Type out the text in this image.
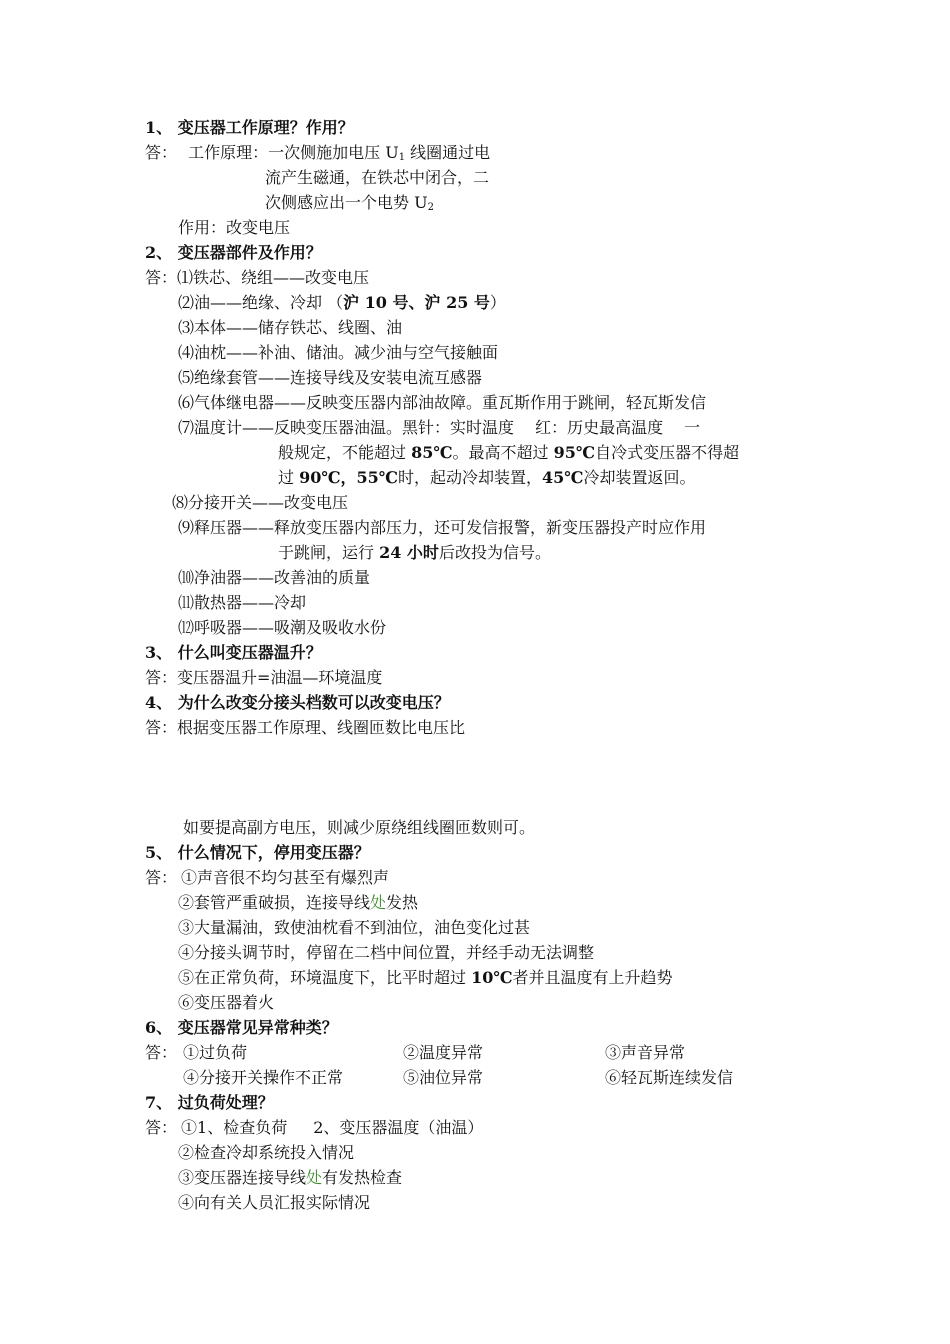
1、 变压器工作原理？作用？
答： 工作原理：一次侧施加电压 $U_1$ 线圈通过电
流产生磁通，在铁芯中闭合，二
次侧感应出一个电势 $U_2$
作用：改变电压
2、 变压器部件及作用？
答：⑴铁芯、绕组——改变电压
⑵油——绝缘、冷却 （沪 10 号、沪 25 号）
⑶本体——储存铁芯、线圈、油
⑷油枕——补油、储油。减少油与空气接触面
⑸绝缘套管——连接导线及安装电流互感器
⑹气体继电器——反映变压器内部油故障。重瓦斯作用于跳闸，轻瓦斯发信
⑺温度计——反映变压器油温。黑针：实时温度 　红：历史最高温度 　一
般规定，不能超过 85℃。最高不超过 95℃自冷式变压器不得超
过 90℃，55℃时，起动冷却装置，45℃冷却装置返回。
⑻分接开关——改变电压
⑼释压器——释放变压器内部压力，还可发信报警，新变压器投产时应作用
于跳闸，运行 24 小时后改投为信号。
⑽净油器——改善油的质量
⑾散热器——冷却
⑿呼吸器——吸潮及吸收水份
3、 什么叫变压器温升？
答：变压器温升=油温—环境温度
4、 为什么改变分接头档数可以改变电压？
答：根据变压器工作原理、线圈匝数比电压比
如要提高副方电压，则减少原绕组线圈匝数则可。
5、 什么情况下，停用变压器？
答： ①声音很不均匀甚至有爆烈声
②套管严重破损，连接导线处发热
③大量漏油，致使油枕看不到油位，油色变化过甚
④分接头调节时，停留在二档中间位置，并经手动无法调整
⑤在正常负荷，环境温度下，比平时超过 10℃者并且温度有上升趋势
⑥变压器着火
6、 变压器常见异常种类？
答： ①过负荷	②温度异常	③声音异常
④分接开关操作不正常	⑤油位异常	⑥轻瓦斯连续发信
7、 过负荷处理？
答： ①1、检查负荷 2、变压器温度（油温）
②检查冷却系统投入情况
③变压器连接导线处有发热检查
④向有关人员汇报实际情况
